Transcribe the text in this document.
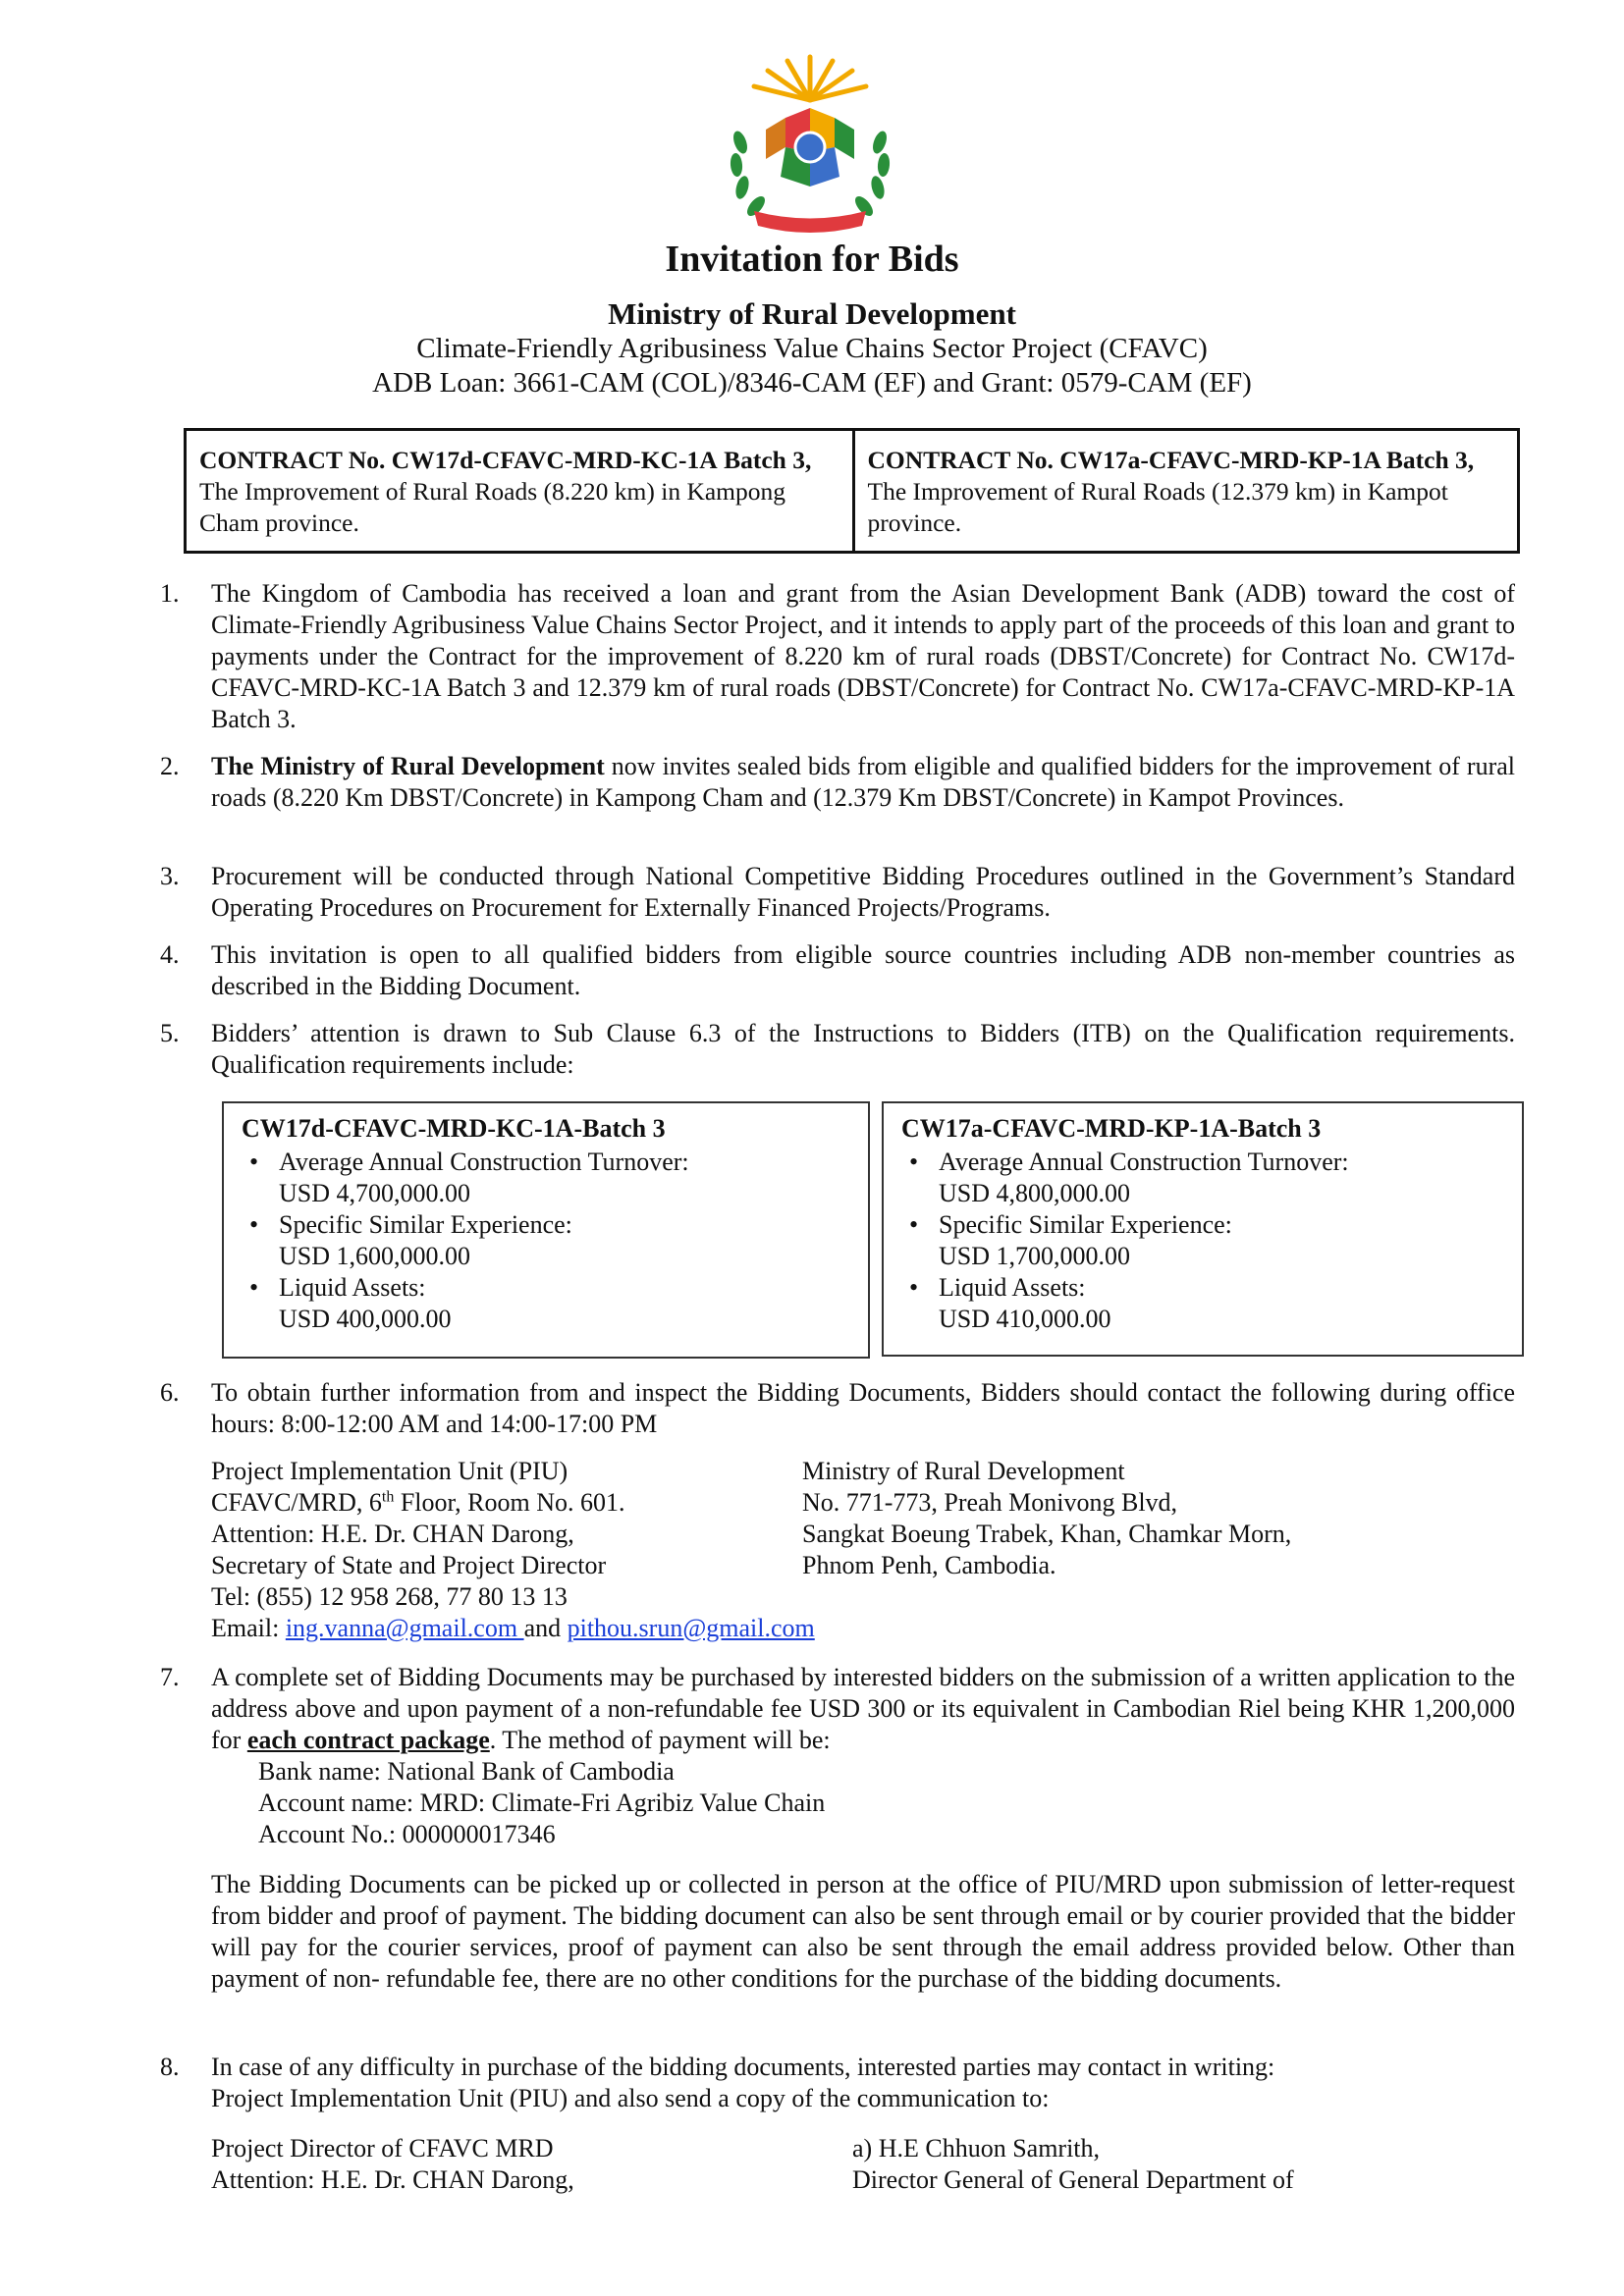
Invitation for Bids
Ministry of Rural Development
Climate-Friendly Agribusiness Value Chains Sector Project (CFAVC)
ADB Loan: 3661-CAM (COL)/8346-CAM (EF) and Grant: 0579-CAM (EF)
CONTRACT No. CW17d-CFAVC-MRD-KC-1A Batch 3, The Improvement of Rural Roads (8.220 km) in Kampong Cham province.
CONTRACT No. CW17a-CFAVC-MRD-KP-1A Batch 3, The Improvement of Rural Roads (12.379 km) in Kampot province.
1.	The Kingdom of Cambodia has received a loan and grant from the Asian Development Bank (ADB) toward the cost of Climate-Friendly Agribusiness Value Chains Sector Project, and it intends to apply part of the proceeds of this loan and grant to payments under the Contract for the improvement of 8.220 km of rural roads (DBST/Concrete) for Contract No. CW17d-CFAVC-MRD-KC-1A Batch 3 and 12.379 km of rural roads (DBST/Concrete) for Contract No. CW17a-CFAVC-MRD-KP-1A Batch 3.
2.	The Ministry of Rural Development now invites sealed bids from eligible and qualified bidders for the improvement of rural roads (8.220 Km DBST/Concrete) in Kampong Cham and (12.379 Km DBST/Concrete) in Kampot Provinces.
3.	Procurement will be conducted through National Competitive Bidding Procedures outlined in the Government’s Standard Operating Procedures on Procurement for Externally Financed Projects/Programs.
4.	This invitation is open to all qualified bidders from eligible source countries including ADB non-member countries as described in the Bidding Document.
5.	Bidders’ attention is drawn to Sub Clause 6.3 of the Instructions to Bidders (ITB) on the Qualification requirements. Qualification requirements include:
CW17d-CFAVC-MRD-KC-1A-Batch 3
• Average Annual Construction Turnover:
USD 4,700,000.00
• Specific Similar Experience:
USD 1,600,000.00
• Liquid Assets:
USD 400,000.00
CW17a-CFAVC-MRD-KP-1A-Batch 3
• Average Annual Construction Turnover:
USD 4,800,000.00
• Specific Similar Experience:
USD 1,700,000.00
• Liquid Assets:
USD 410,000.00
6.	To obtain further information from and inspect the Bidding Documents, Bidders should contact the following during office hours: 8:00-12:00 AM and 14:00-17:00 PM
Project Implementation Unit (PIU)
CFAVC/MRD, 6th Floor, Room No. 601.
Attention: H.E. Dr. CHAN Darong,
Secretary of State and Project Director
Tel: (855) 12 958 268, 77 80 13 13
Email: ing.vanna@gmail.com and pithou.srun@gmail.com
Ministry of Rural Development
No. 771-773, Preah Monivong Blvd,
Sangkat Boeung Trabek, Khan, Chamkar Morn,
Phnom Penh, Cambodia.
7.	A complete set of Bidding Documents may be purchased by interested bidders on the submission of a written application to the address above and upon payment of a non-refundable fee USD 300 or its equivalent in Cambodian Riel being KHR 1,200,000 for each contract package. The method of payment will be:
Bank name: National Bank of Cambodia
Account name: MRD: Climate-Fri Agribiz Value Chain
Account No.: 000000017346
The Bidding Documents can be picked up or collected in person at the office of PIU/MRD upon submission of letter-request from bidder and proof of payment. The bidding document can also be sent through email or by courier provided that the bidder will pay for the courier services, proof of payment can also be sent through the email address provided below. Other than payment of non- refundable fee, there are no other conditions for the purchase of the bidding documents.
8.	In case of any difficulty in purchase of the bidding documents, interested parties may contact in writing:
Project Implementation Unit (PIU) and also send a copy of the communication to:
Project Director of CFAVC MRD
Attention: H.E. Dr. CHAN Darong,
a) H.E Chhuon Samrith,
Director General of General Department of
